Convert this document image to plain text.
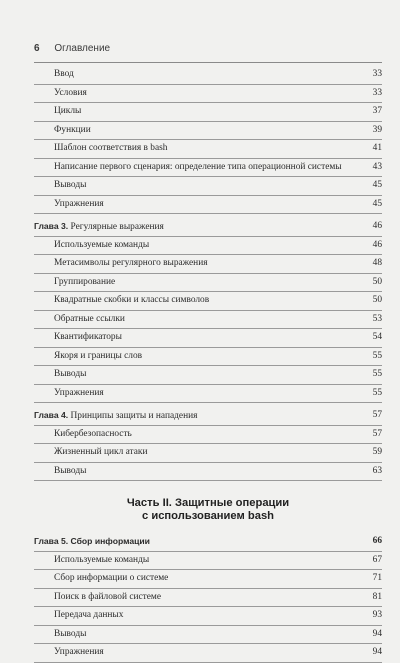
6 Оглавление
Ввод	33
Условия	33
Циклы	37
Функции	39
Шаблон соответствия в bash	41
Написание первого сценария: определение типа операционной системы	43
Выводы	45
Упражнения	45
Глава 3. Регулярные выражения	46
Используемые команды	46
Метасимволы регулярного выражения	48
Группирование	50
Квадратные скобки и классы символов	50
Обратные ссылки	53
Квантификаторы	54
Якоря и границы слов	55
Выводы	55
Упражнения	55
Глава 4. Принципы защиты и нападения	57
Кибербезопасность	57
Жизненный цикл атаки	59
Выводы	63
Часть II. Защитные операции
с использованием bash
Глава 5. Сбор информации	66
Используемые команды	67
Сбор информации о системе	71
Поиск в файловой системе	81
Передача данных	93
Выводы	94
Упражнения	94
